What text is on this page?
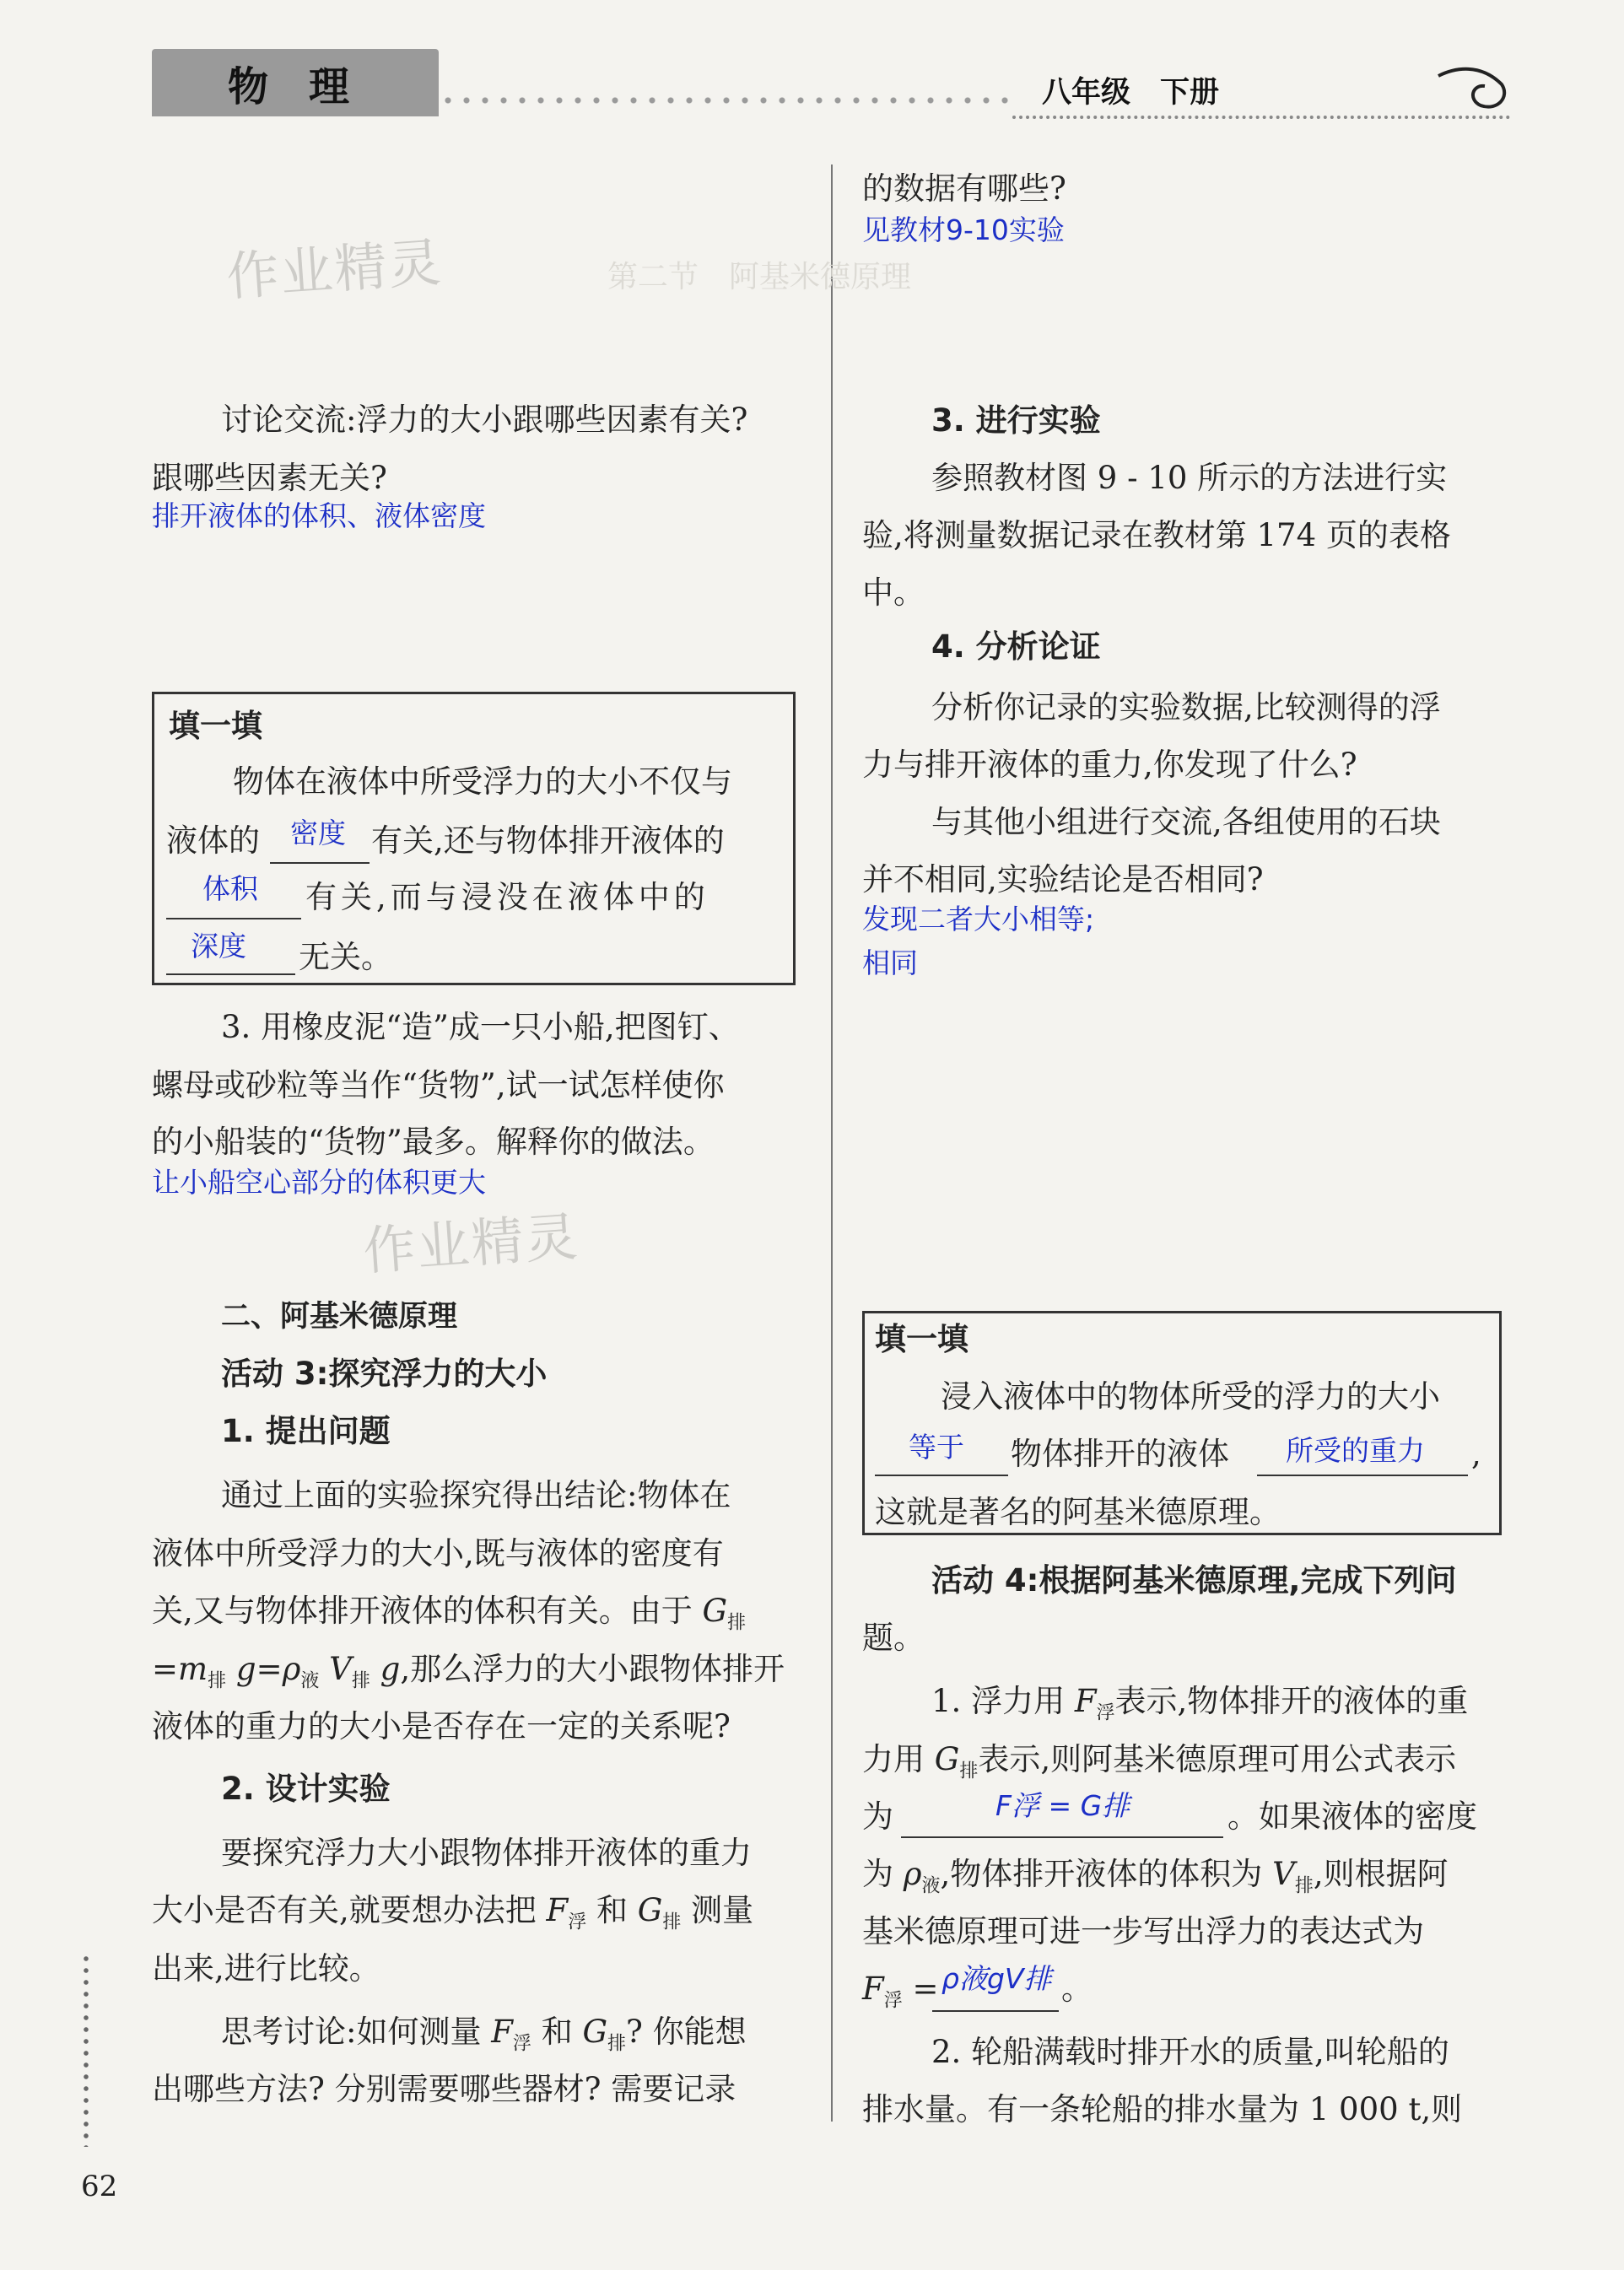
物　理	八年级　下册
作业精灵
作业精灵
第二节　阿基米德原理
讨论交流:浮力的大小跟哪些因素有关?
跟哪些因素无关?
排开液体的体积、液体密度
填一填
物体在液体中所受浮力的大小不仅与
液体的 密度 有关,还与物体排开液体的
体积 有关,而与浸没在液体中的
深度 无关。
3. 用橡皮泥“造”成一只小船,把图钉、
螺母或砂粒等当作“货物”,试一试怎样使你
的小船装的“货物”最多。解释你的做法。
让小船空心部分的体积更大
二、阿基米德原理
活动 3:探究浮力的大小
1. 提出问题
通过上面的实验探究得出结论:物体在
液体中所受浮力的大小,既与液体的密度有
关,又与物体排开液体的体积有关。由于 $G_排$
$=m_排$ $g=\rho_液$ $V_排$ g,那么浮力的大小跟物体排开
液体的重力的大小是否存在一定的关系呢?
2. 设计实验
要探究浮力大小跟物体排开液体的重力
大小是否有关,就要想办法把 $F_浮$ 和 $G_排$ 测量
出来,进行比较。
思考讨论:如何测量 $F_浮$ 和 $G_排$? 你能想
出哪些方法? 分别需要哪些器材? 需要记录
62
的数据有哪些?
见教材9-10实验
3. 进行实验
参照教材图 9 - 10 所示的方法进行实
验,将测量数据记录在教材第 174 页的表格
中。
4. 分析论证
分析你记录的实验数据,比较测得的浮
力与排开液体的重力,你发现了什么?
与其他小组进行交流,各组使用的石块
并不相同,实验结论是否相同?
发现二者大小相等;
相同
填一填
浸入液体中的物体所受的浮力的大小
等于 物体排开的液体 所受的重力 ,
这就是著名的阿基米德原理。
活动 4:根据阿基米德原理,完成下列问
题。
1. 浮力用 $F_浮$表示,物体排开的液体的重
力用 $G_排$表示,则阿基米德原理可用公式表示
为	F浮 = G排	。如果液体的密度
为 $\rho_液$,物体排开液体的体积为 $V_排$,则根据阿
基米德原理可进一步写出浮力的表达式为
$F_浮 = \rho$液gV排 。
2. 轮船满载时排开水的质量,叫轮船的
排水量。有一条轮船的排水量为 1 000 t,则
